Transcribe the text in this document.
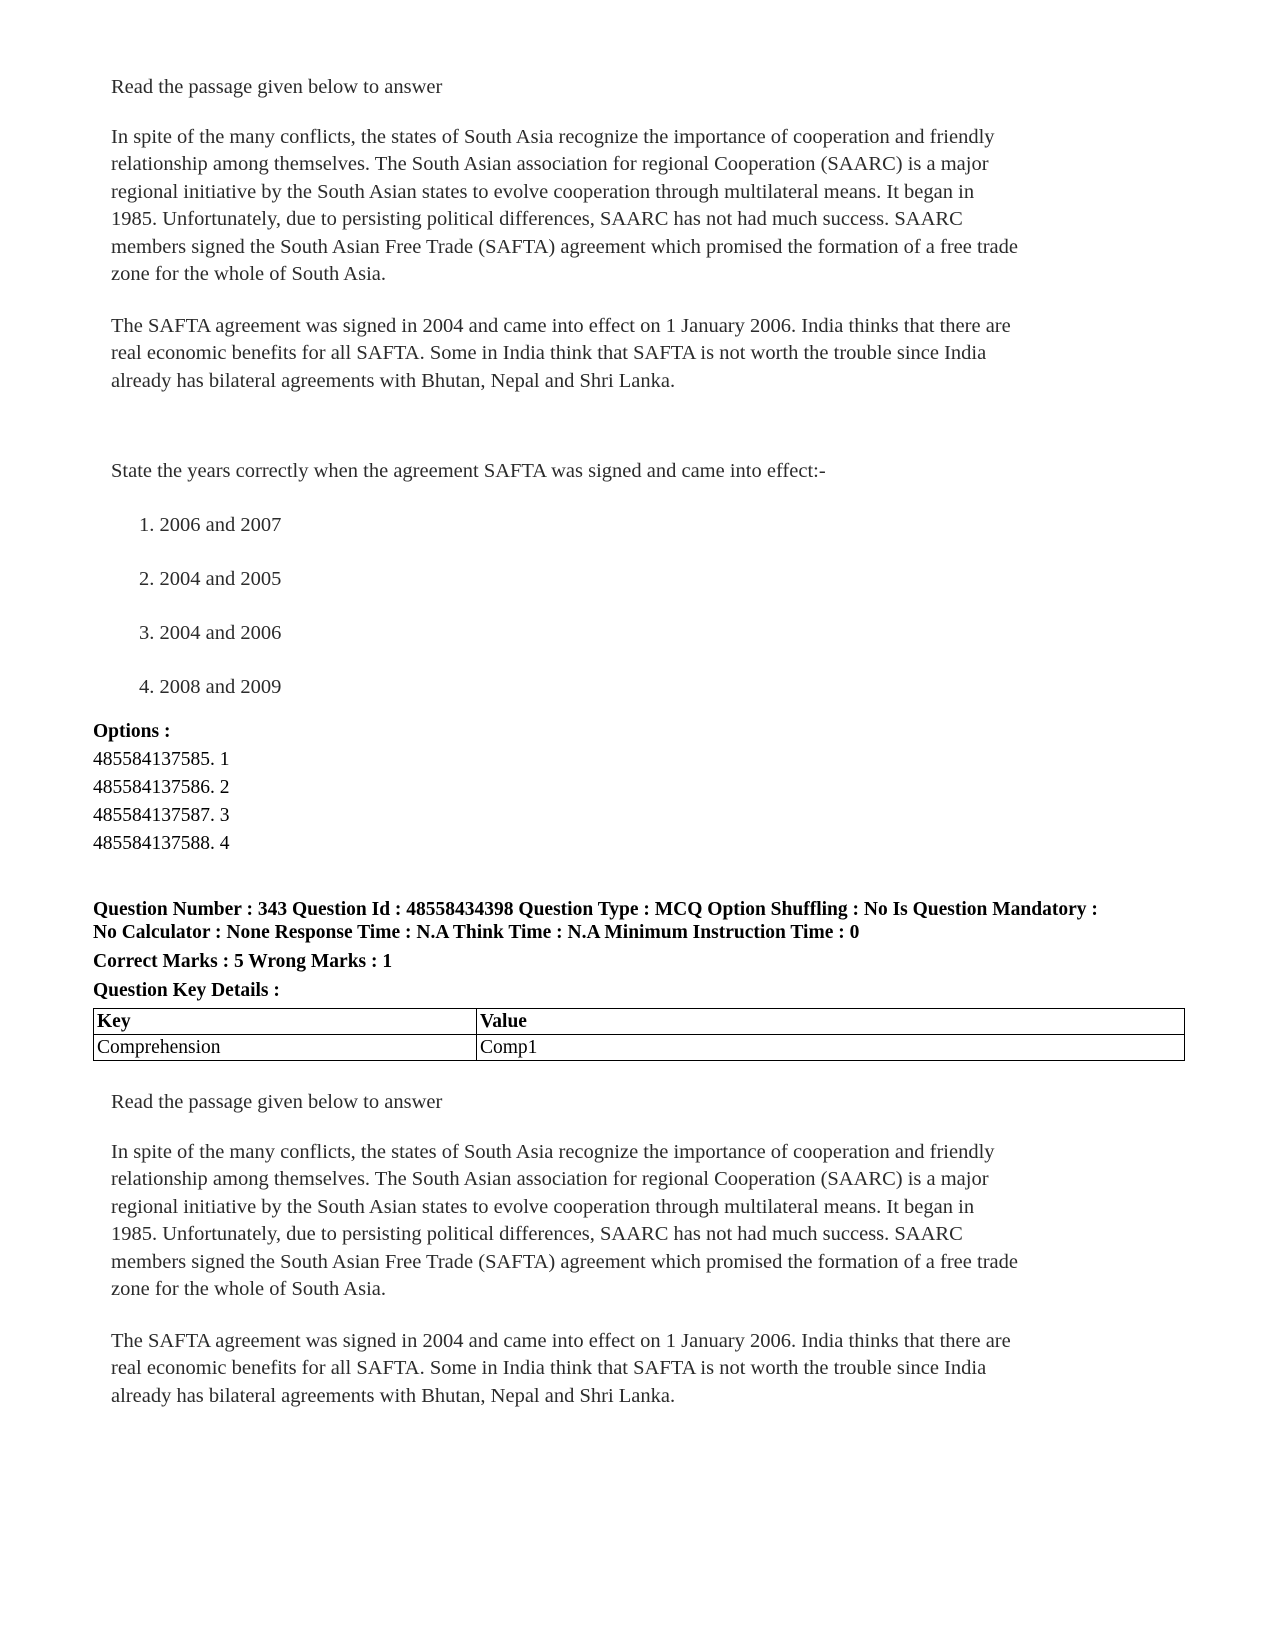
Read the passage given below to answer

In spite of the many conflicts, the states of South Asia recognize the importance of cooperation and friendly

relationship among themselves. The South Asian association for regional Cooperation (SAARC) is a major

regional initiative by the South Asian states to evolve cooperation through multilateral means. It began in

1985. Unfortunately, due to persisting political differences, SAARC has not had much success. SAARC

members signed the South Asian Free Trade (SAFTA) agreement which promised the formation of a free trade

zone for the whole of South Asia.

The SAFTA agreement was signed in 2004 and came into effect on 1 January 2006. India thinks that there are

real economic benefits for all SAFTA. Some in India think that SAFTA is not worth the trouble since India

already has bilateral agreements with Bhutan, Nepal and Shri Lanka.

State the years correctly when the agreement SAFTA was signed and came into effect:-

1. 2006 and 2007
2. 2004 and 2005
3. 2004 and 2006
4. 2008 and 2009
Options :
485584137585. 1
485584137586. 2
485584137587. 3
485584137588. 4
Question Number : 343 Question Id : 48558434398 Question Type : MCQ Option Shuffling : No Is Question Mandatory :
No Calculator : None Response Time : N.A Think Time : N.A Minimum Instruction Time : 0
Correct Marks : 5 Wrong Marks : 1
Question Key Details :
Key	Value
Comprehension	Comp1

Read the passage given below to answer

In spite of the many conflicts, the states of South Asia recognize the importance of cooperation and friendly

relationship among themselves. The South Asian association for regional Cooperation (SAARC) is a major

regional initiative by the South Asian states to evolve cooperation through multilateral means. It began in

1985. Unfortunately, due to persisting political differences, SAARC has not had much success. SAARC

members signed the South Asian Free Trade (SAFTA) agreement which promised the formation of a free trade

zone for the whole of South Asia.

The SAFTA agreement was signed in 2004 and came into effect on 1 January 2006. India thinks that there are

real economic benefits for all SAFTA. Some in India think that SAFTA is not worth the trouble since India

already has bilateral agreements with Bhutan, Nepal and Shri Lanka.
